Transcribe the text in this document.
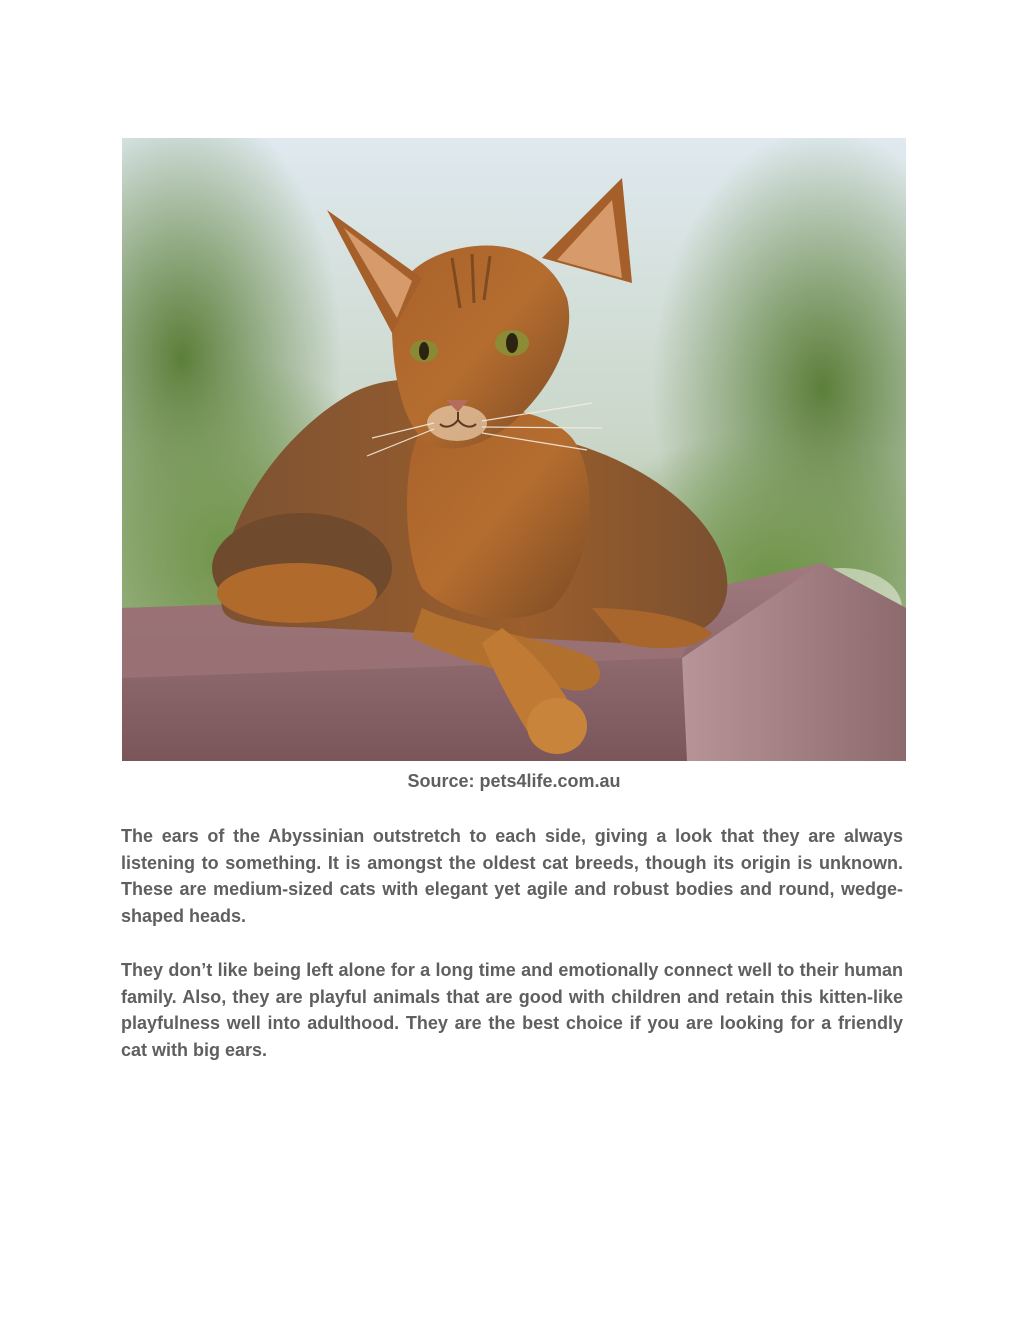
Source: pets4life.com.au

The ears of the Abyssinian outstretch to each side, giving a look that they are always listening to something. It is amongst the oldest cat breeds, though its origin is unknown. These are medium-sized cats with elegant yet agile and robust bodies and round, wedge-shaped heads.

They don’t like being left alone for a long time and emotionally connect well to their human family. Also, they are playful animals that are good with children and retain this kitten-like playfulness well into adulthood. They are the best choice if you are looking for a friendly cat with big ears.
